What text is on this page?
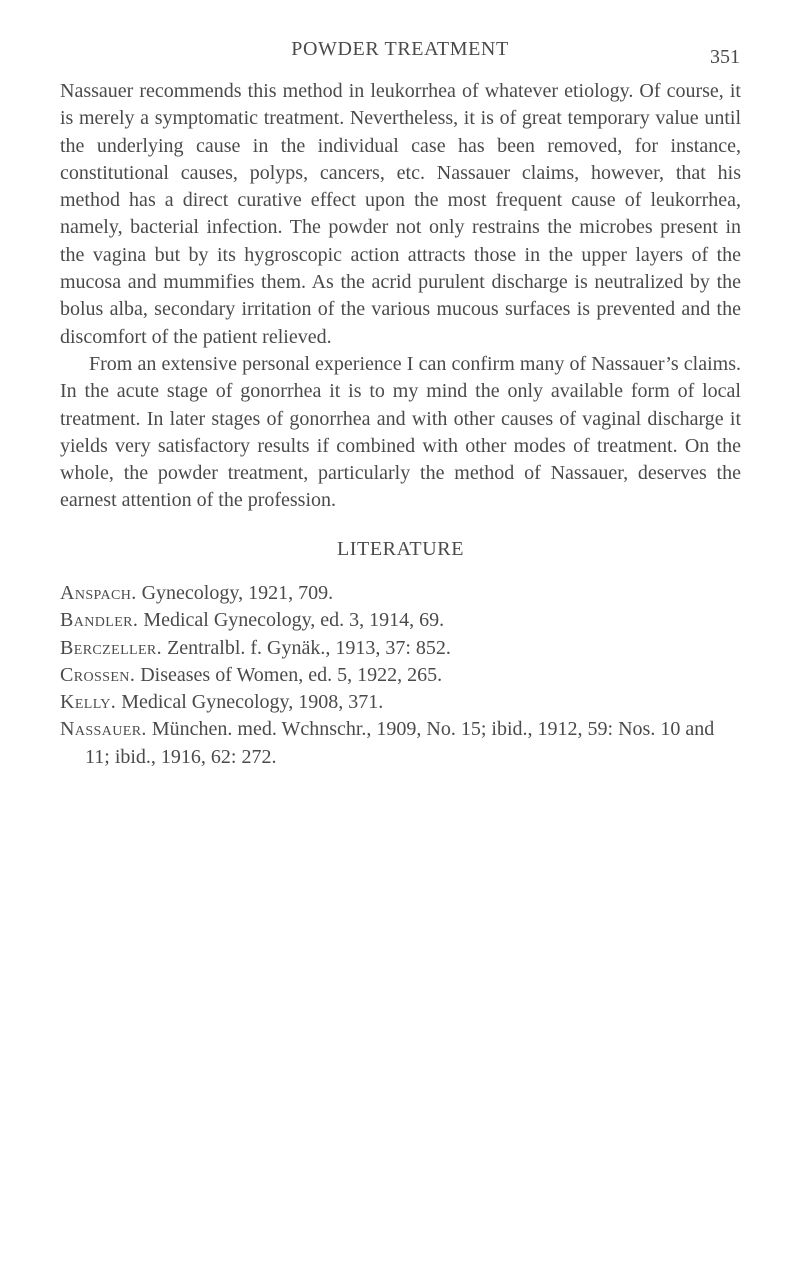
POWDER TREATMENT	351

Nassauer recommends this method in leukorrhea of whatever etiology. Of course, it is merely a symptomatic treatment. Nevertheless, it is of great temporary value until the underlying cause in the individual case has been removed, for instance, constitutional causes, polyps, cancers, etc. Nassauer claims, however, that his method has a direct curative effect upon the most frequent cause of leukorrhea, namely, bacterial infection. The powder not only restrains the microbes present in the vagina but by its hygroscopic action attracts those in the upper layers of the mucosa and mummifies them. As the acrid purulent discharge is neutralized by the bolus alba, secondary irritation of the various mucous surfaces is prevented and the discomfort of the patient relieved.

From an extensive personal experience I can confirm many of Nassauer’s claims. In the acute stage of gonorrhea it is to my mind the only available form of local treatment. In later stages of gonorrhea and with other causes of vaginal discharge it yields very satisfactory results if combined with other modes of treatment. On the whole, the powder treatment, particularly the method of Nassauer, deserves the earnest attention of the profession.

LITERATURE
Anspach. Gynecology, 1921, 709.
Bandler. Medical Gynecology, ed. 3, 1914, 69.
Berczeller. Zentralbl. f. Gynäk., 1913, 37: 852.
Crossen. Diseases of Women, ed. 5, 1922, 265.
Kelly. Medical Gynecology, 1908, 371.
Nassauer. München. med. Wchnschr., 1909, No. 15; ibid., 1912, 59: Nos. 10 and 11; ibid., 1916, 62: 272.
